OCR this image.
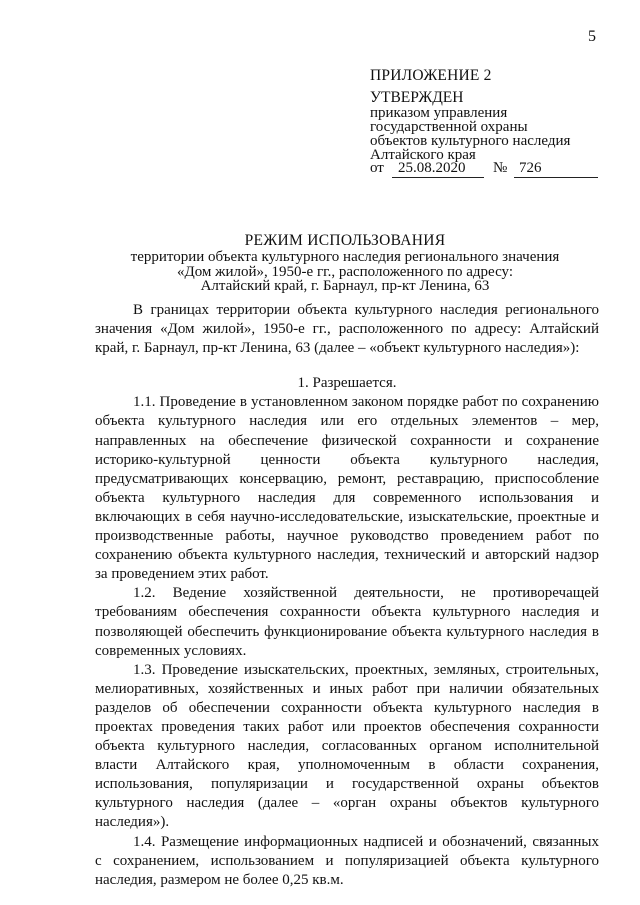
5
ПРИЛОЖЕНИЕ 2
УТВЕРЖДЕН
приказом управления
государственной охраны
объектов культурного наследия
Алтайского края
от 25.08.2020 № 726
РЕЖИМ ИСПОЛЬЗОВАНИЯ
территории объекта культурного наследия регионального значения
«Дом жилой», 1950-е гг., расположенного по адресу:
Алтайский край, г. Барнаул, пр-кт Ленина, 63

В границах территории объекта культурного наследия регионального значения «Дом жилой», 1950-е гг., расположенного по адресу: Алтайский край, г. Барнаул, пр-кт Ленина, 63 (далее – «объект культурного наследия»):

1. Разрешается.

1.1. Проведение в установленном законом порядке работ по сохранению объекта культурного наследия или его отдельных элементов – мер, направленных на обеспечение физической сохранности и сохранение историко-культурной ценности объекта культурного наследия, предусматривающих консервацию, ремонт, реставрацию, приспособление объекта культурного наследия для современного использования и включающих в себя научно-исследовательские, изыскательские, проектные и производственные работы, научное руководство проведением работ по сохранению объекта культурного наследия, технический и авторский надзор за проведением этих работ.

1.2. Ведение хозяйственной деятельности, не противоречащей требованиям обеспечения сохранности объекта культурного наследия и позволяющей обеспечить функционирование объекта культурного наследия в современных условиях.

1.3. Проведение изыскательских, проектных, земляных, строительных, мелиоративных, хозяйственных и иных работ при наличии обязательных разделов об обеспечении сохранности объекта культурного наследия в проектах проведения таких работ или проектов обеспечения сохранности объекта культурного наследия, согласованных органом исполнительной власти Алтайского края, уполномоченным в области сохранения, использования, популяризации и государственной охраны объектов культурного наследия (далее – «орган охраны объектов культурного наследия»).

1.4. Размещение информационных надписей и обозначений, связанных с сохранением, использованием и популяризацией объекта культурного наследия, размером не более 0,25 кв.м.
